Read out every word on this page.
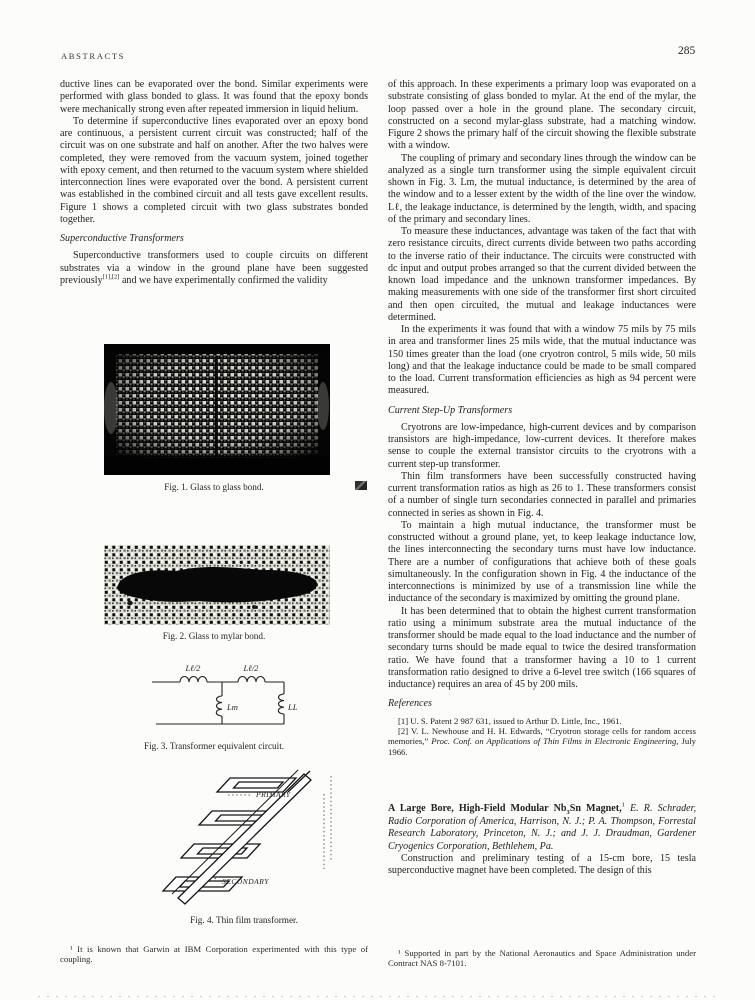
ABSTRACTS	285

ductive lines can be evaporated over the bond. Similar experiments were performed with glass bonded to glass. It was found that the epoxy bonds were mechanically strong even after repeated immersion in liquid helium.

To determine if superconductive lines evaporated over an epoxy bond are continuous, a persistent current circuit was constructed; half of the circuit was on one substrate and half on another. After the two halves were completed, they were removed from the vacuum system, joined together with epoxy cement, and then returned to the vacuum system where shielded interconnection lines were evaporated over the bond. A persistent current was established in the combined circuit and all tests gave excellent results. Figure 1 shows a completed circuit with two glass substrates bonded together.

Superconductive Transformers

Superconductive transformers used to couple circuits on different substrates via a window in the ground plane have been suggested previously[1],[2] and we have experimentally confirmed the validity

Fig. 1. Glass to glass bond.
Fig. 2. Glass to mylar bond.
Lℓ/2	Lℓ/2
Lm	LL
Fig. 3. Transformer equivalent circuit.
PRIMARY
SECONDARY
Fig. 4. Thin film transformer.

of this approach. In these experiments a primary loop was evaporated on a substrate consisting of glass bonded to mylar. At the end of the mylar, the loop passed over a hole in the ground plane. The secondary circuit, constructed on a second mylar-glass substrate, had a matching window. Figure 2 shows the primary half of the circuit showing the flexible substrate with a window.

The coupling of primary and secondary lines through the window can be analyzed as a single turn transformer using the simple equivalent circuit shown in Fig. 3. Lm, the mutual inductance, is determined by the area of the window and to a lesser extent by the width of the line over the window. Lℓ, the leakage inductance, is determined by the length, width, and spacing of the primary and secondary lines.

To measure these inductances, advantage was taken of the fact that with zero resistance circuits, direct currents divide between two paths according to the inverse ratio of their inductance. The circuits were constructed with dc input and output probes arranged so that the current divided between the known load impedance and the unknown transformer impedances. By making measurements with one side of the transformer first short circuited and then open circuited, the mutual and leakage inductances were determined.

In the experiments it was found that with a window 75 mils by 75 mils in area and transformer lines 25 mils wide, that the mutual inductance was 150 times greater than the load (one cryotron control, 5 mils wide, 50 mils long) and that the leakage inductance could be made to be small compared to the load. Current transformation efficiencies as high as 94 percent were measured.

Current Step-Up Transformers

Cryotrons are low-impedance, high-current devices and by comparison transistors are high-impedance, low-current devices. It therefore makes sense to couple the external transistor circuits to the cryotrons with a current step-up transformer.

Thin film transformers have been successfully constructed having current transformation ratios as high as 26 to 1. These transformers consist of a number of single turn secondaries connected in parallel and primaries connected in series as shown in Fig. 4.

To maintain a high mutual inductance, the transformer must be constructed without a ground plane, yet, to keep leakage inductance low, the lines interconnecting the secondary turns must have low inductance. There are a number of configurations that achieve both of these goals simultaneously. In the configuration shown in Fig. 4 the inductance of the interconnections is minimized by use of a transmission line while the inductance of the secondary is maximized by omitting the ground plane.

It has been determined that to obtain the highest current transformation ratio using a minimum substrate area the mutual inductance of the transformer should be made equal to the load inductance and the number of secondary turns should be made equal to twice the desired transformation ratio. We have found that a transformer having a 10 to 1 current transformation ratio designed to drive a 6-level tree switch (166 squares of inductance) requires an area of 45 by 200 mils.

References

[1] U. S. Patent 2 987 631, issued to Arthur D. Little, Inc., 1961.

[2] V. L. Newhouse and H. H. Edwards, “Cryotron storage cells for random access memories,” Proc. Conf. on Applications of Thin Films in Electronic Engineering, July 1966.

A Large Bore, High-Field Modular $Nb_3Sn$ Magnet,$^1$ E. R. Schrader, Radio Corporation of America, Harrison, N. J.; P. A. Thompson, Forrestal Research Laboratory, Princeton, N. J.; and J. J. Draudman, Gardener Cryogenics Corporation, Bethlehem, Pa.

Construction and preliminary testing of a 15-cm bore, 15 tesla superconductive magnet have been completed. The design of this

¹ It is known that Garwin at IBM Corporation experimented with this type of coupling.
¹ Supported in part by the National Aeronautics and Space Administration under Contract NAS 8-7101.
